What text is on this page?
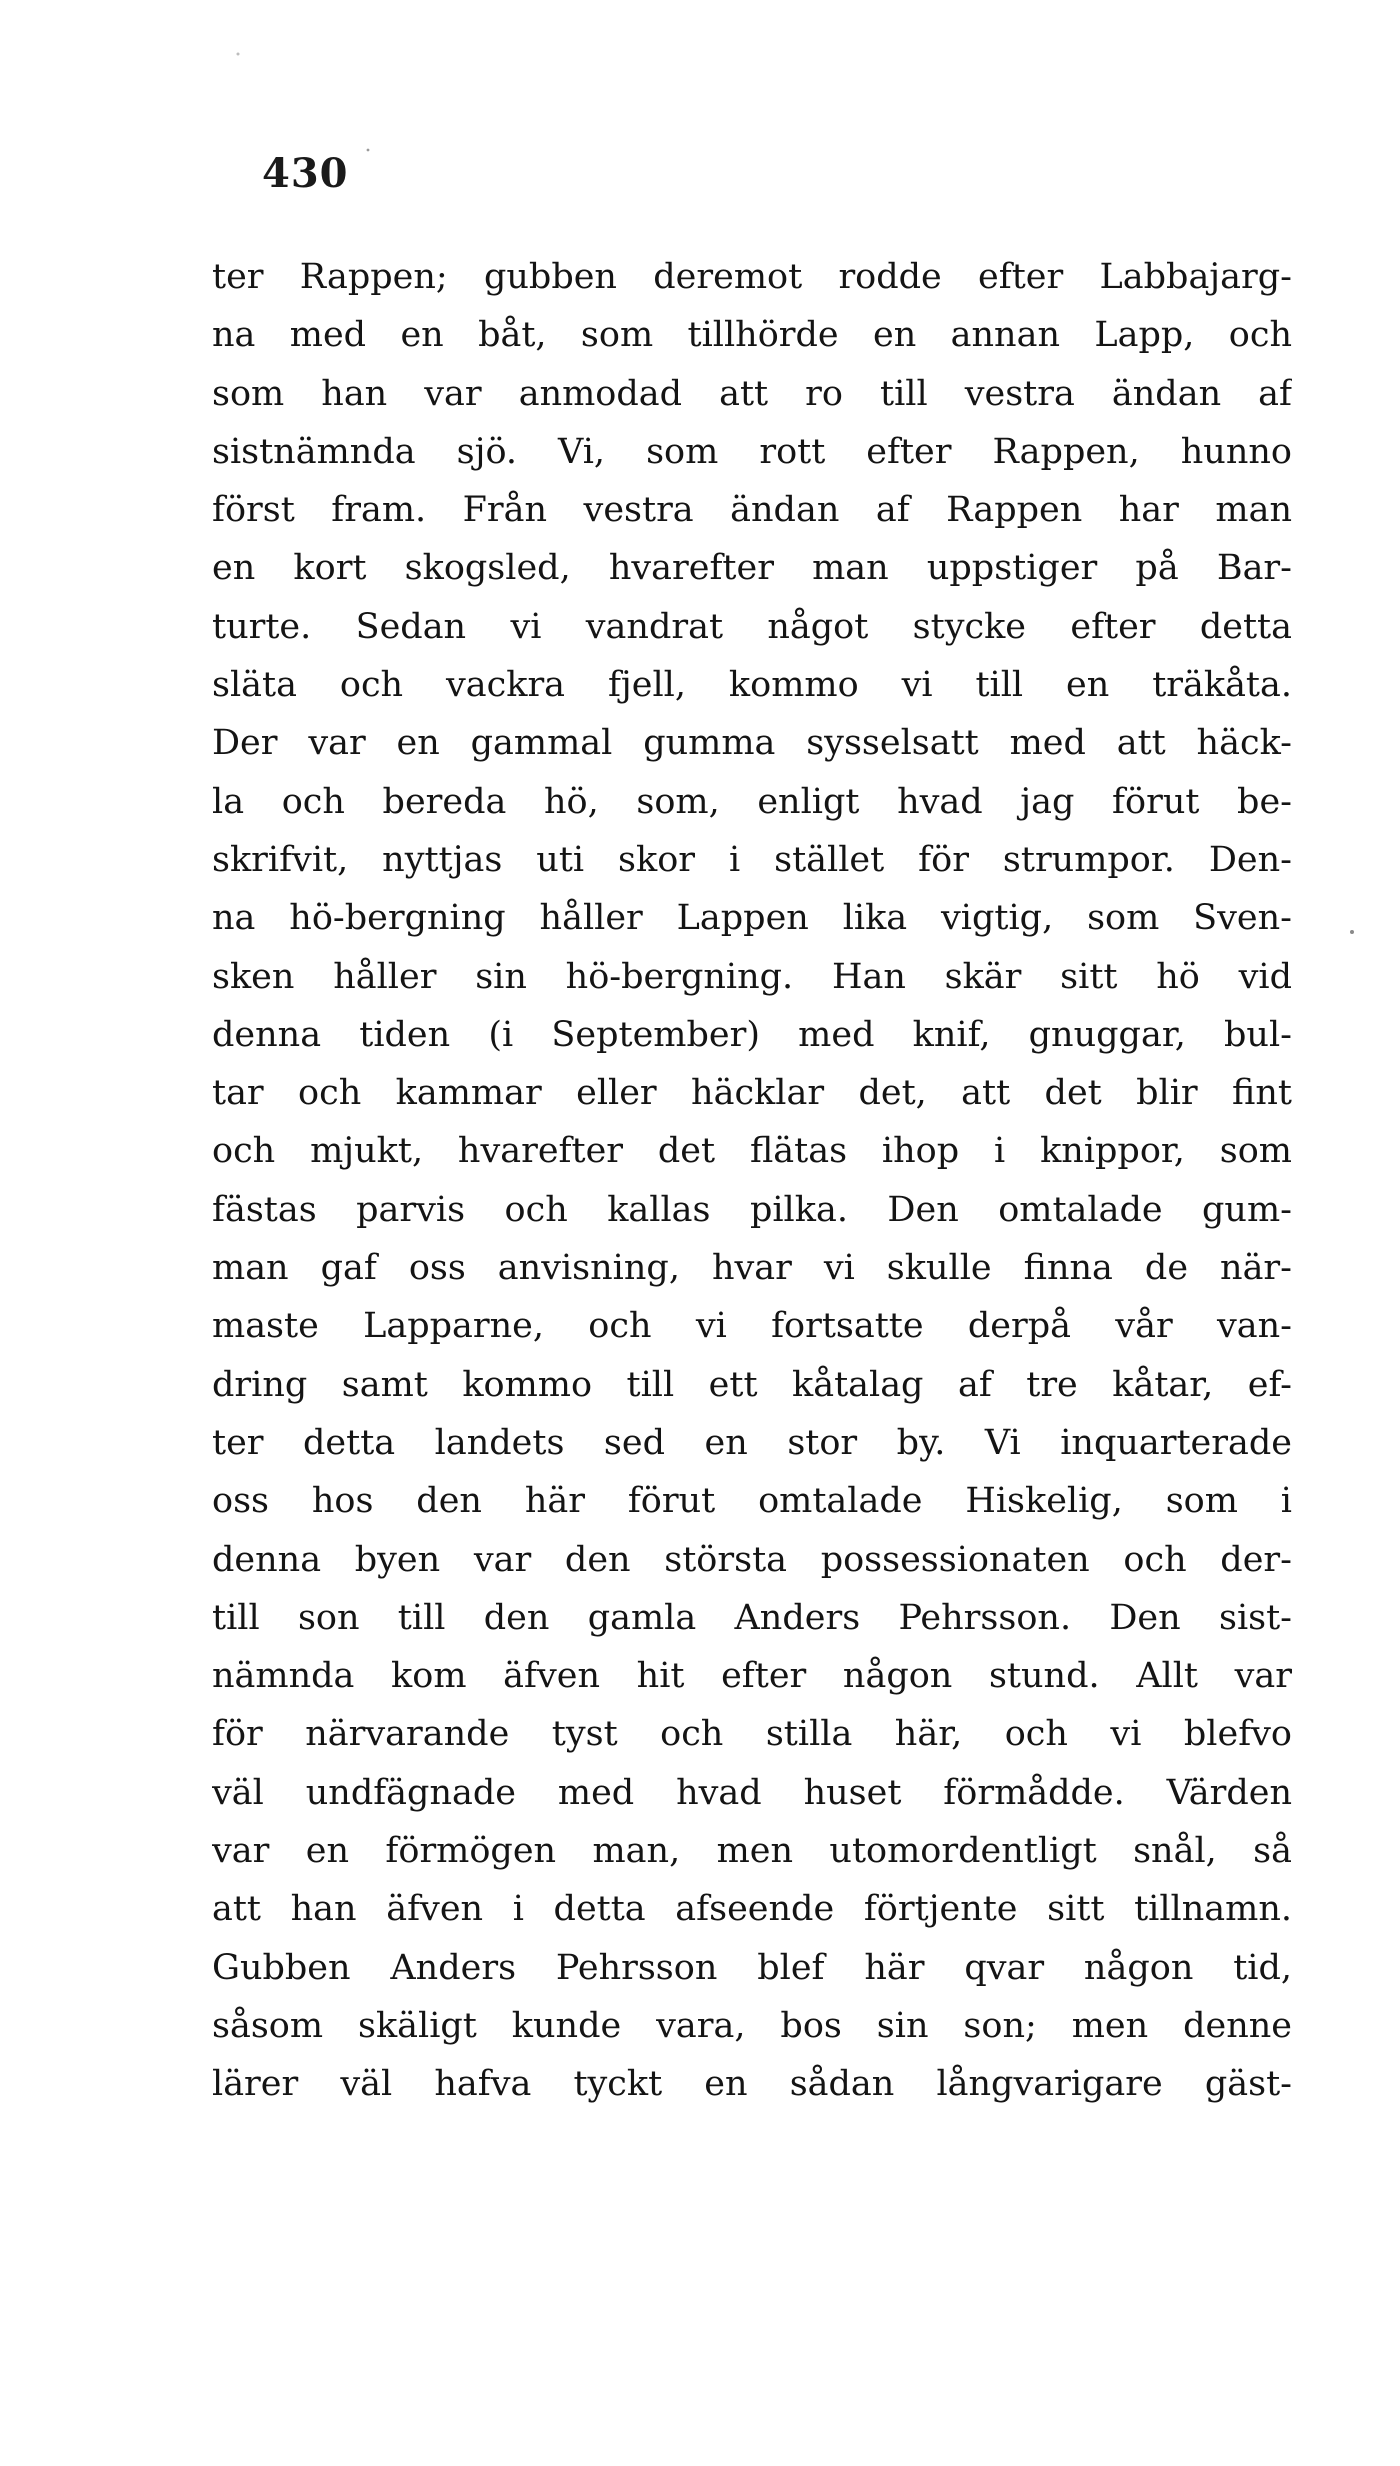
430
ter Rappen; gubben deremot rodde efter Labbajarg-
na med en båt, som tillhörde en annan Lapp, och
som han var anmodad att ro till vestra ändan af
sistnämnda sjö. Vi, som rott efter Rappen, hunno
först fram. Från vestra ändan af Rappen har man
en kort skogsled, hvarefter man uppstiger på Bar-
turte. Sedan vi vandrat något stycke efter detta
släta och vackra fjell, kommo vi till en träkåta.
Der var en gammal gumma sysselsatt med att häck-
la och bereda hö, som, enligt hvad jag förut be-
skrifvit, nyttjas uti skor i stället för strumpor. Den-
na hö-bergning håller Lappen lika vigtig, som Sven-
sken håller sin hö-bergning. Han skär sitt hö vid
denna tiden (i September) med knif, gnuggar, bul-
tar och kammar eller häcklar det, att det blir fint
och mjukt, hvarefter det flätas ihop i knippor, som
fästas parvis och kallas pilka. Den omtalade gum-
man gaf oss anvisning, hvar vi skulle finna de när-
maste Lapparne, och vi fortsatte derpå vår van-
dring samt kommo till ett kåtalag af tre kåtar, ef-
ter detta landets sed en stor by. Vi inquarterade
oss hos den här förut omtalade Hiskelig, som i
denna byen var den största possessionaten och der-
till son till den gamla Anders Pehrsson. Den sist-
nämnda kom äfven hit efter någon stund. Allt var
för närvarande tyst och stilla här, och vi blefvo
väl undfägnade med hvad huset förmådde. Värden
var en förmögen man, men utomordentligt snål, så
att han äfven i detta afseende förtjente sitt tillnamn.
Gubben Anders Pehrsson blef här qvar någon tid,
såsom skäligt kunde vara, bos sin son; men denne
lärer väl hafva tyckt en sådan långvarigare gäst-
